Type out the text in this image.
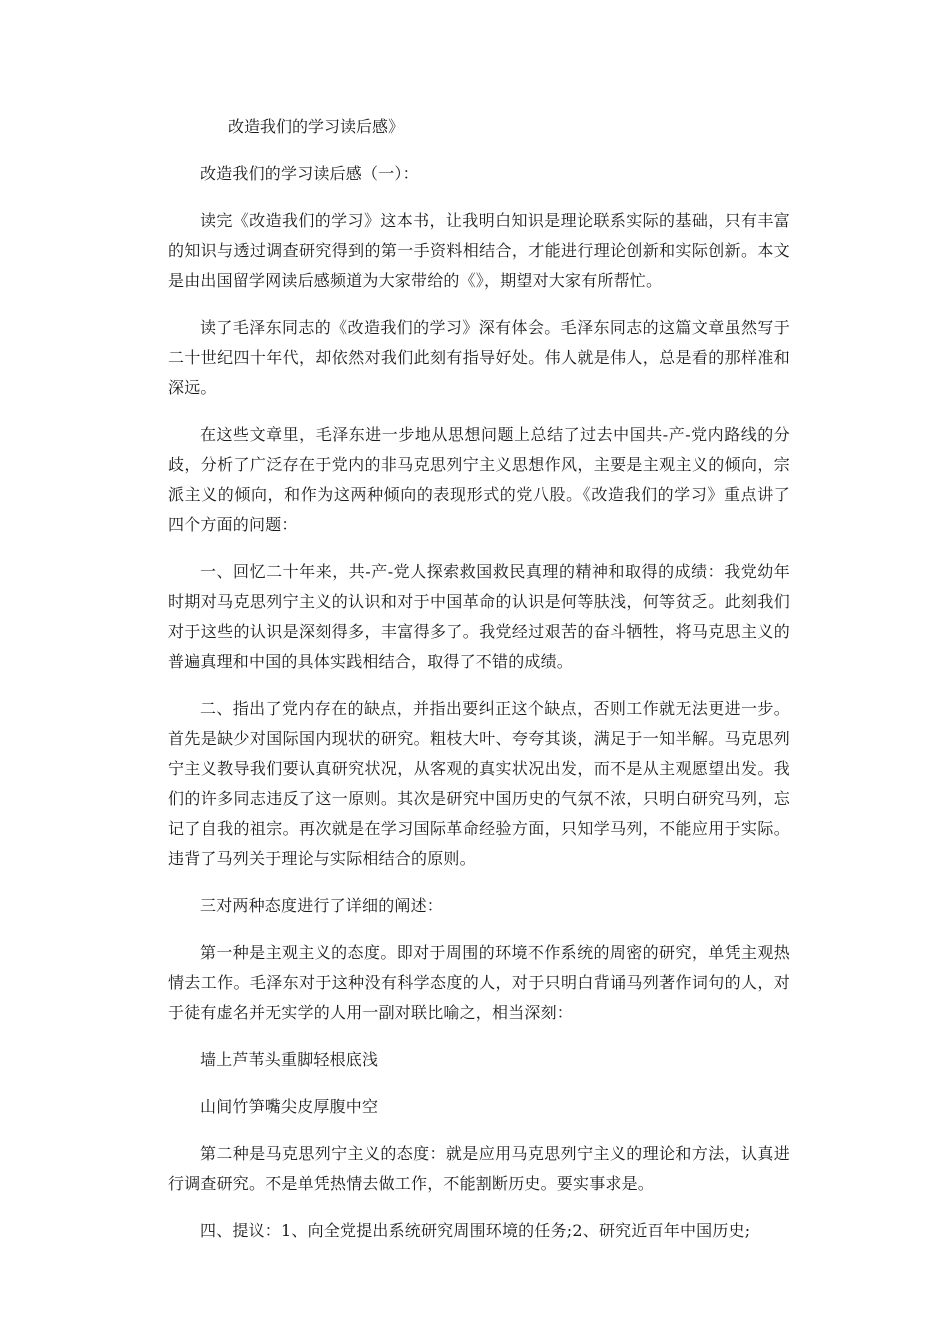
改造我们的学习读后感》

改造我们的学习读后感（一）：

读完《改造我们的学习》这本书，让我明白知识是理论联系实际的基础，只有丰富的知识与透过调查研究得到的第一手资料相结合，才能进行理论创新和实际创新。本文是由出国留学网读后感频道为大家带给的《》，期望对大家有所帮忙。

读了毛泽东同志的《改造我们的学习》深有体会。毛泽东同志的这篇文章虽然写于二十世纪四十年代，却依然对我们此刻有指导好处。伟人就是伟人，总是看的那样准和深远。

在这些文章里，毛泽东进一步地从思想问题上总结了过去中国共-产-党内路线的分歧，分析了广泛存在于党内的非马克思列宁主义思想作风，主要是主观主义的倾向，宗派主义的倾向，和作为这两种倾向的表现形式的党八股。《改造我们的学习》重点讲了四个方面的问题：

一、回忆二十年来，共-产-党人探索救国救民真理的精神和取得的成绩：我党幼年时期对马克思列宁主义的认识和对于中国革命的认识是何等肤浅，何等贫乏。此刻我们对于这些的认识是深刻得多，丰富得多了。我党经过艰苦的奋斗牺牲，将马克思主义的普遍真理和中国的具体实践相结合，取得了不错的成绩。

二、指出了党内存在的缺点，并指出要纠正这个缺点，否则工作就无法更进一步。首先是缺少对国际国内现状的研究。粗枝大叶、夸夸其谈，满足于一知半解。马克思列宁主义教导我们要认真研究状况，从客观的真实状况出发，而不是从主观愿望出发。我们的许多同志违反了这一原则。其次是研究中国历史的气氛不浓，只明白研究马列，忘记了自我的祖宗。再次就是在学习国际革命经验方面，只知学马列，不能应用于实际。违背了马列关于理论与实际相结合的原则。

三对两种态度进行了详细的阐述：

第一种是主观主义的态度。即对于周围的环境不作系统的周密的研究，单凭主观热情去工作。毛泽东对于这种没有科学态度的人，对于只明白背诵马列著作词句的人，对于徒有虚名并无实学的人用一副对联比喻之，相当深刻：

墙上芦苇头重脚轻根底浅

山间竹笋嘴尖皮厚腹中空

第二种是马克思列宁主义的态度：就是应用马克思列宁主义的理论和方法，认真进行调查研究。不是单凭热情去做工作，不能割断历史。要实事求是。

四、提议：1、向全党提出系统研究周围环境的任务;2、研究近百年中国历史;
